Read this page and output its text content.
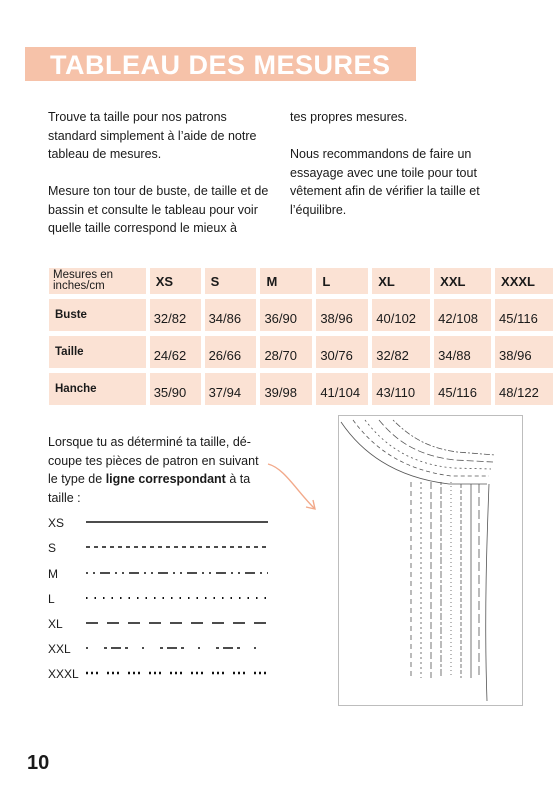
TABLEAU DES MESURES

Trouve ta taille pour nos patrons standard simplement à l’aide de notre tableau de mesures.

Mesure ton tour de buste, de taille et de bassin et consulte le tableau pour voir quelle taille correspond le mieux à

tes propres mesures.

Nous recommandons de faire un essayage avec une toile pour tout vêtement afin de vérifier la taille et l’équilibre.

Mesures en inches/cm	XS	S	M	L	XL	XXL	XXXL
Buste	32/82	34/86	36/90	38/96	40/102	42/108	45/116
Taille	24/62	26/66	28/70	30/76	32/82	34/88	38/96
Hanche	35/90	37/94	39/98	41/104	43/110	45/116	48/122
Lorsque tu as déterminé ta taille, dé-coupe tes pièces de patron en suivant le type de ligne correspondant à ta taille :
XS
S
M
L
XL
XXL
XXXL
10
